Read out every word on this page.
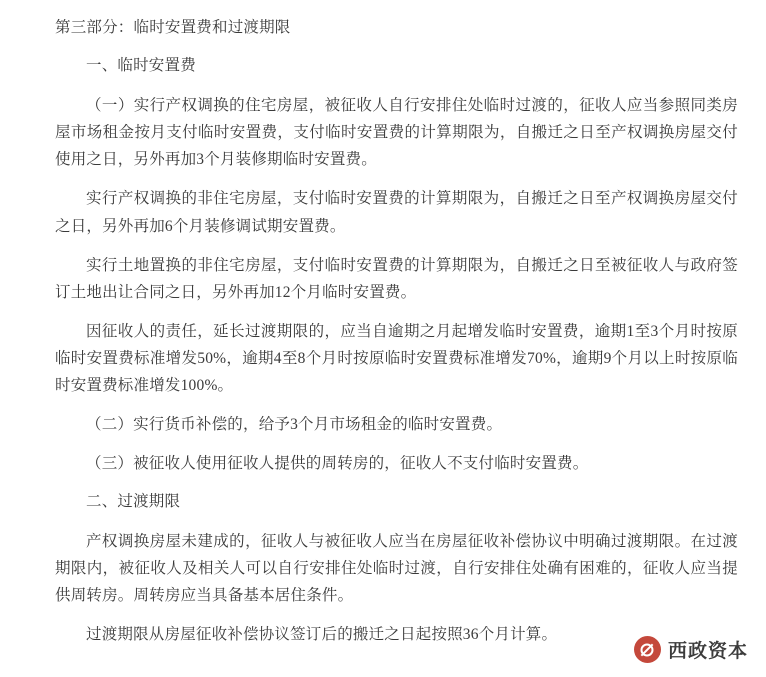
第三部分：临时安置费和过渡期限

一、临时安置费

（一）实行产权调换的住宅房屋，被征收人自行安排住处临时过渡的，征收人应当参照同类房屋市场租金按月支付临时安置费，支付临时安置费的计算期限为，自搬迁之日至产权调换房屋交付使用之日，另外再加3个月装修期临时安置费。

实行产权调换的非住宅房屋，支付临时安置费的计算期限为，自搬迁之日至产权调换房屋交付之日，另外再加6个月装修调试期安置费。

实行土地置换的非住宅房屋，支付临时安置费的计算期限为，自搬迁之日至被征收人与政府签订土地出让合同之日，另外再加12个月临时安置费。

因征收人的责任，延长过渡期限的，应当自逾期之月起增发临时安置费，逾期1至3个月时按原临时安置费标准增发50%，逾期4至8个月时按原临时安置费标准增发70%，逾期9个月以上时按原临时安置费标准增发100%。

（二）实行货币补偿的，给予3个月市场租金的临时安置费。

（三）被征收人使用征收人提供的周转房的，征收人不支付临时安置费。

二、过渡期限

产权调换房屋未建成的，征收人与被征收人应当在房屋征收补偿协议中明确过渡期限。在过渡期限内，被征收人及相关人可以自行安排住处临时过渡，自行安排住处确有困难的，征收人应当提供周转房。周转房应当具备基本居住条件。

过渡期限从房屋征收补偿协议签订后的搬迁之日起按照36个月计算。

西政资本
